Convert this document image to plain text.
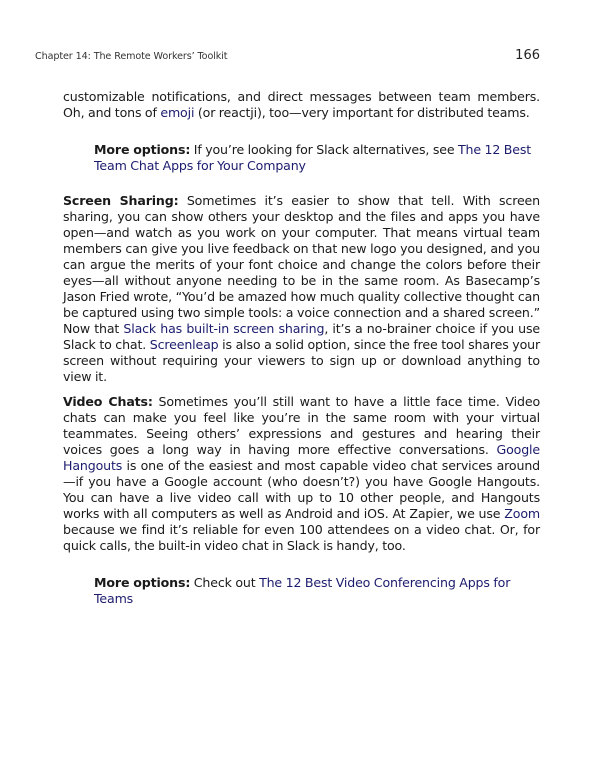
Chapter 14: The Remote Workers’ Toolkit	166

customizable notifications, and direct messages between team members. Oh, and tons of emoji (or reactji), too—very important for distributed teams.

More options: If you’re looking for Slack alternatives, see The 12 Best Team Chat Apps for Your Company

Screen Sharing: Sometimes it’s easier to show that tell. With screen sharing, you can show others your desktop and the files and apps you have open—and watch as you work on your computer. That means virtual team members can give you live feedback on that new logo you designed, and you can argue the merits of your font choice and change the colors before their eyes—all without anyone needing to be in the same room. As Basecamp’s Jason Fried wrote, “You’d be amazed how much quality collective thought can be captured using two simple tools: a voice connection and a shared screen.” Now that Slack has built-in screen sharing, it’s a no-brainer choice if you use Slack to chat. Screenleap is also a solid option, since the free tool shares your screen without requiring your viewers to sign up or download anything to view it.

Video Chats: Sometimes you’ll still want to have a little face time. Video chats can make you feel like you’re in the same room with your virtual teammates. Seeing others’ expressions and gestures and hearing their voices goes a long way in having more effective conversations. Google Hangouts is one of the easiest and most capable video chat services around—if you have a Google account (who doesn’t?) you have Google Hangouts. You can have a live video call with up to 10 other people, and Hangouts works with all computers as well as Android and iOS. At Zapier, we use Zoom because we find it’s reliable for even 100 attendees on a video chat. Or, for quick calls, the built-in video chat in Slack is handy, too.

More options: Check out The 12 Best Video Conferencing Apps for Teams
